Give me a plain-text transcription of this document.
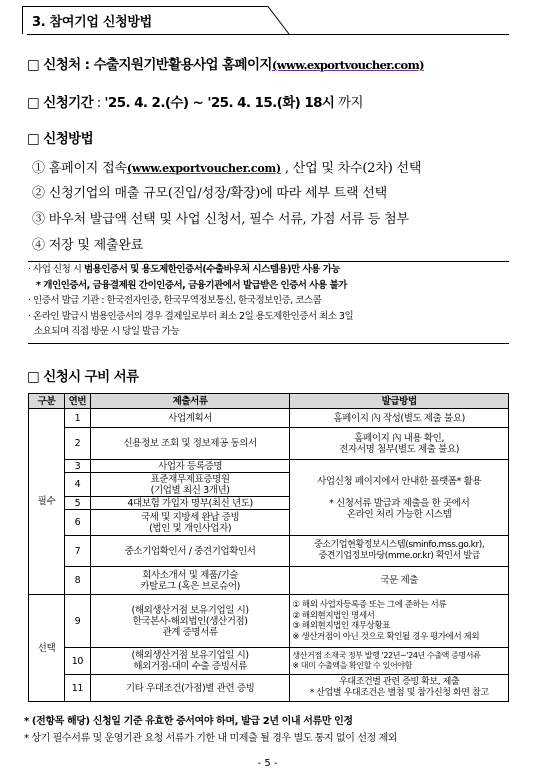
3. 참여기업 신청방법
□ 신청처 : 수출지원기반활용사업 홈페이지(www.exportvoucher.com)
□ 신청기간 : '25. 4. 2.(수) ~ '25. 4. 15.(화) 18시 까지
□ 신청방법
① 홈페이지 접속(www.exportvoucher.com) , 산업 및 차수(2차) 선택
② 신청기업의 매출 규모(진입/성장/확장)에 따라 세부 트랙 선택
③ 바우처 발급액 선택 및 사업 신청서, 필수 서류, 가점 서류 등 첨부
④ 저장 및 제출완료
· 사업 신청 시 범용인증서 및 용도제한인증서(수출바우처 시스템용)만 사용 가능
* 개인인증서, 금융결제원 간이인증서, 금융기관에서 발급받은 인증서 사용 불가
· 인증서 발급 기관 : 한국전자인증, 한국무역정보통신, 한국정보인증, 코스콤
· 온라인 발급시 범용인증서의 경우 결제일로부터 최소 2일 용도제한인증서 최소 3일
소요되며 직접 방문 시 당일 발급 가능
□ 신청시 구비 서류
구분	연번	제출서류	발급방법
필수	1	사업계획서	홈페이지 內 작성(별도 제출 불요)
	2	신용정보 조회 및 정보제공 동의서	홈페이지 內 내용 확인,
전자서명 첨부(별도 제출 불요)
	3	사업자 등록증명	사업신청 페이지에서 안내한 플랫폼* 활용

* 신청서류 발급과 제출을 한 곳에서
온라인 처리 가능한 시스템
	4	표준재무제표증명원
(기업별 최신 3개년)	
	5	4대보험 가입자 명부(최신 년도)	
	6	국세 및 지방세 완납 증빙
(법인 및 개인사업자)	
	7	중소기업확인서 / 중견기업확인서	중소기업현황정보시스템(sminfo.mss.go.kr),
중견기업정보마당(mme.or.kr) 확인서 발급
	8	회사소개서 및 제품/기술
카탈로그 (혹은 브로슈어)	국문 제출
선택	9	(해외생산거점 보유기업일 시)
한국본사-해외법인(생산거점)
관계 증명서류	① 해외 사업자등록증 또는 그에 준하는 서류
② 해외현지법인 명세서
③ 해외현지법인 재무상황표
※ 생산거점이 아닌 것으로 확인될 경우 평가에서 제외
	10	(해외생산거점 보유기업일 시)
해외거점-대미 수출 증빙서류	생산거점 소재국 정부 발행 '22년~'24년 수출액 증명서류
※ 대미 수출액을 확인할 수 있어야함
	11	기타 우대조건(가점)별 관련 증빙	우대조건별 관련 증빙 확보, 제출
* 산업별 우대조건은 별첨 및 참가신청 화면 참고
* (전항목 해당) 신청일 기준 유효한 증서여야 하며, 발급 2년 이내 서류만 인정
* 상기 필수서류 및 운영기관 요청 서류가 기한 내 미제출 될 경우 별도 통지 없이 선정 제외
- 5 -
